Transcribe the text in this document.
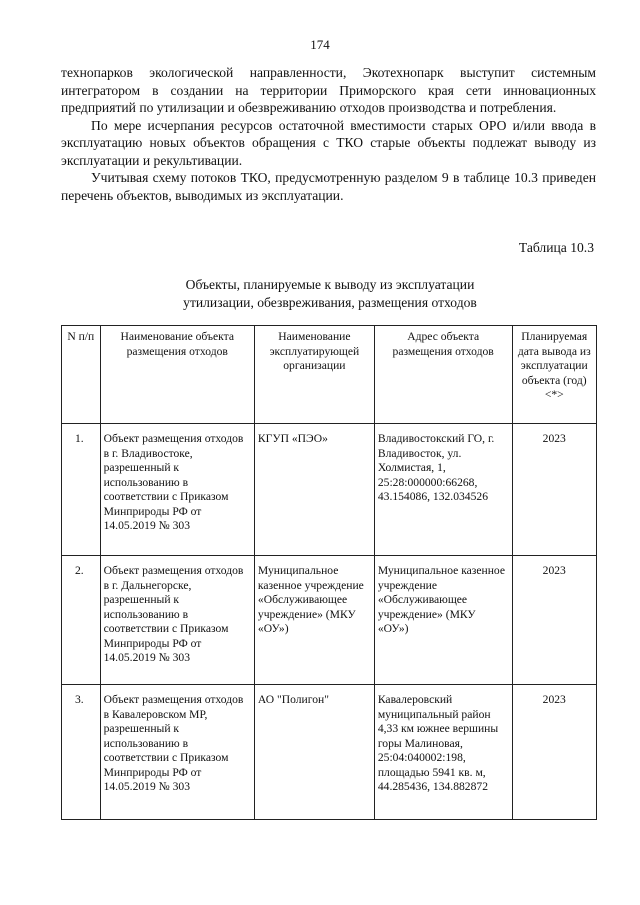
174

технопарков экологической направленности, Экотехнопарк выступит системным интегратором в создании на территории Приморского края сети инновационных предприятий по утилизации и обезвреживанию отходов производства и потребления.

По мере исчерпания ресурсов остаточной вместимости старых ОРО и/или ввода в эксплуатацию новых объектов обращения с ТКО старые объекты подлежат выводу из эксплуатации и рекультивации.

Учитывая схему потоков ТКО, предусмотренную разделом 9 в таблице 10.3 приведен перечень объектов, выводимых из эксплуатации.

Таблица 10.3
Объекты, планируемые к выводу из эксплуатации
утилизации, обезвреживания, размещения отходов
N п/п	Наименование объекта размещения отходов	Наименование эксплуатирующей организации	Адрес объекта размещения отходов	Планируемая дата вывода из эксплуатации объекта (год) <*>
1.	Объект размещения отходов в г. Владивостоке, разрешенный к использованию в соответствии с Приказом Минприроды РФ от 14.05.2019 № 303	КГУП «ПЭО»	Владивостокский ГО, г. Владивосток, ул. Холмистая, 1, 25:28:000000:66268, 43.154086, 132.034526	2023
2.	Объект размещения отходов в г. Дальнегорске, разрешенный к использованию в соответствии с Приказом Минприроды РФ от 14.05.2019 № 303	Муниципальное казенное учреждение «Обслуживающее учреждение» (МКУ «ОУ»)	Муниципальное казенное учреждение «Обслуживающее учреждение» (МКУ «ОУ»)	2023
3.	Объект размещения отходов в Кавалеровском МР, разрешенный к использованию в соответствии с Приказом Минприроды РФ от 14.05.2019 № 303	АО "Полигон"	Кавалеровский муниципальный район 4,33 км южнее вершины горы Малиновая, 25:04:040002:198, площадью 5941 кв. м, 44.285436, 134.882872	2023
